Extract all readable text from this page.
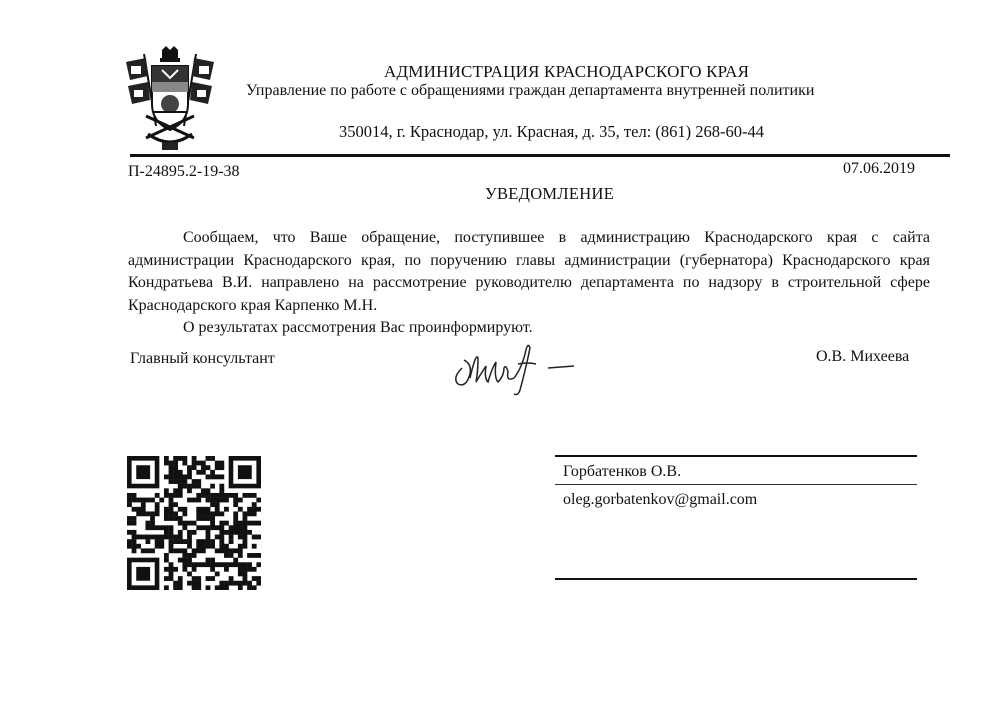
АДМИНИСТРАЦИЯ КРАСНОДАРСКОГО КРАЯ
Управление по работе с обращениями граждан департамента внутренней политики
350014, г. Краснодар, ул. Красная, д. 35, тел: (861) 268-60-44
П-24895.2-19-38	07.06.2019
УВЕДОМЛЕНИЕ

Сообщаем, что Ваше обращение, поступившее в администрацию Краснодарского края с сайта администрации Краснодарского края, по поручению главы администрации (губернатора) Краснодарского края Кондратьева В.И. направлено на рассмотрение руководителю департамента по надзору в строительной сфере Краснодарского края Карпенко М.Н.

О результатах рассмотрения Вас проинформируют.

Главный консультант	О.В. Михеева
Горбатенков О.В.
oleg.gorbatenkov@gmail.com
